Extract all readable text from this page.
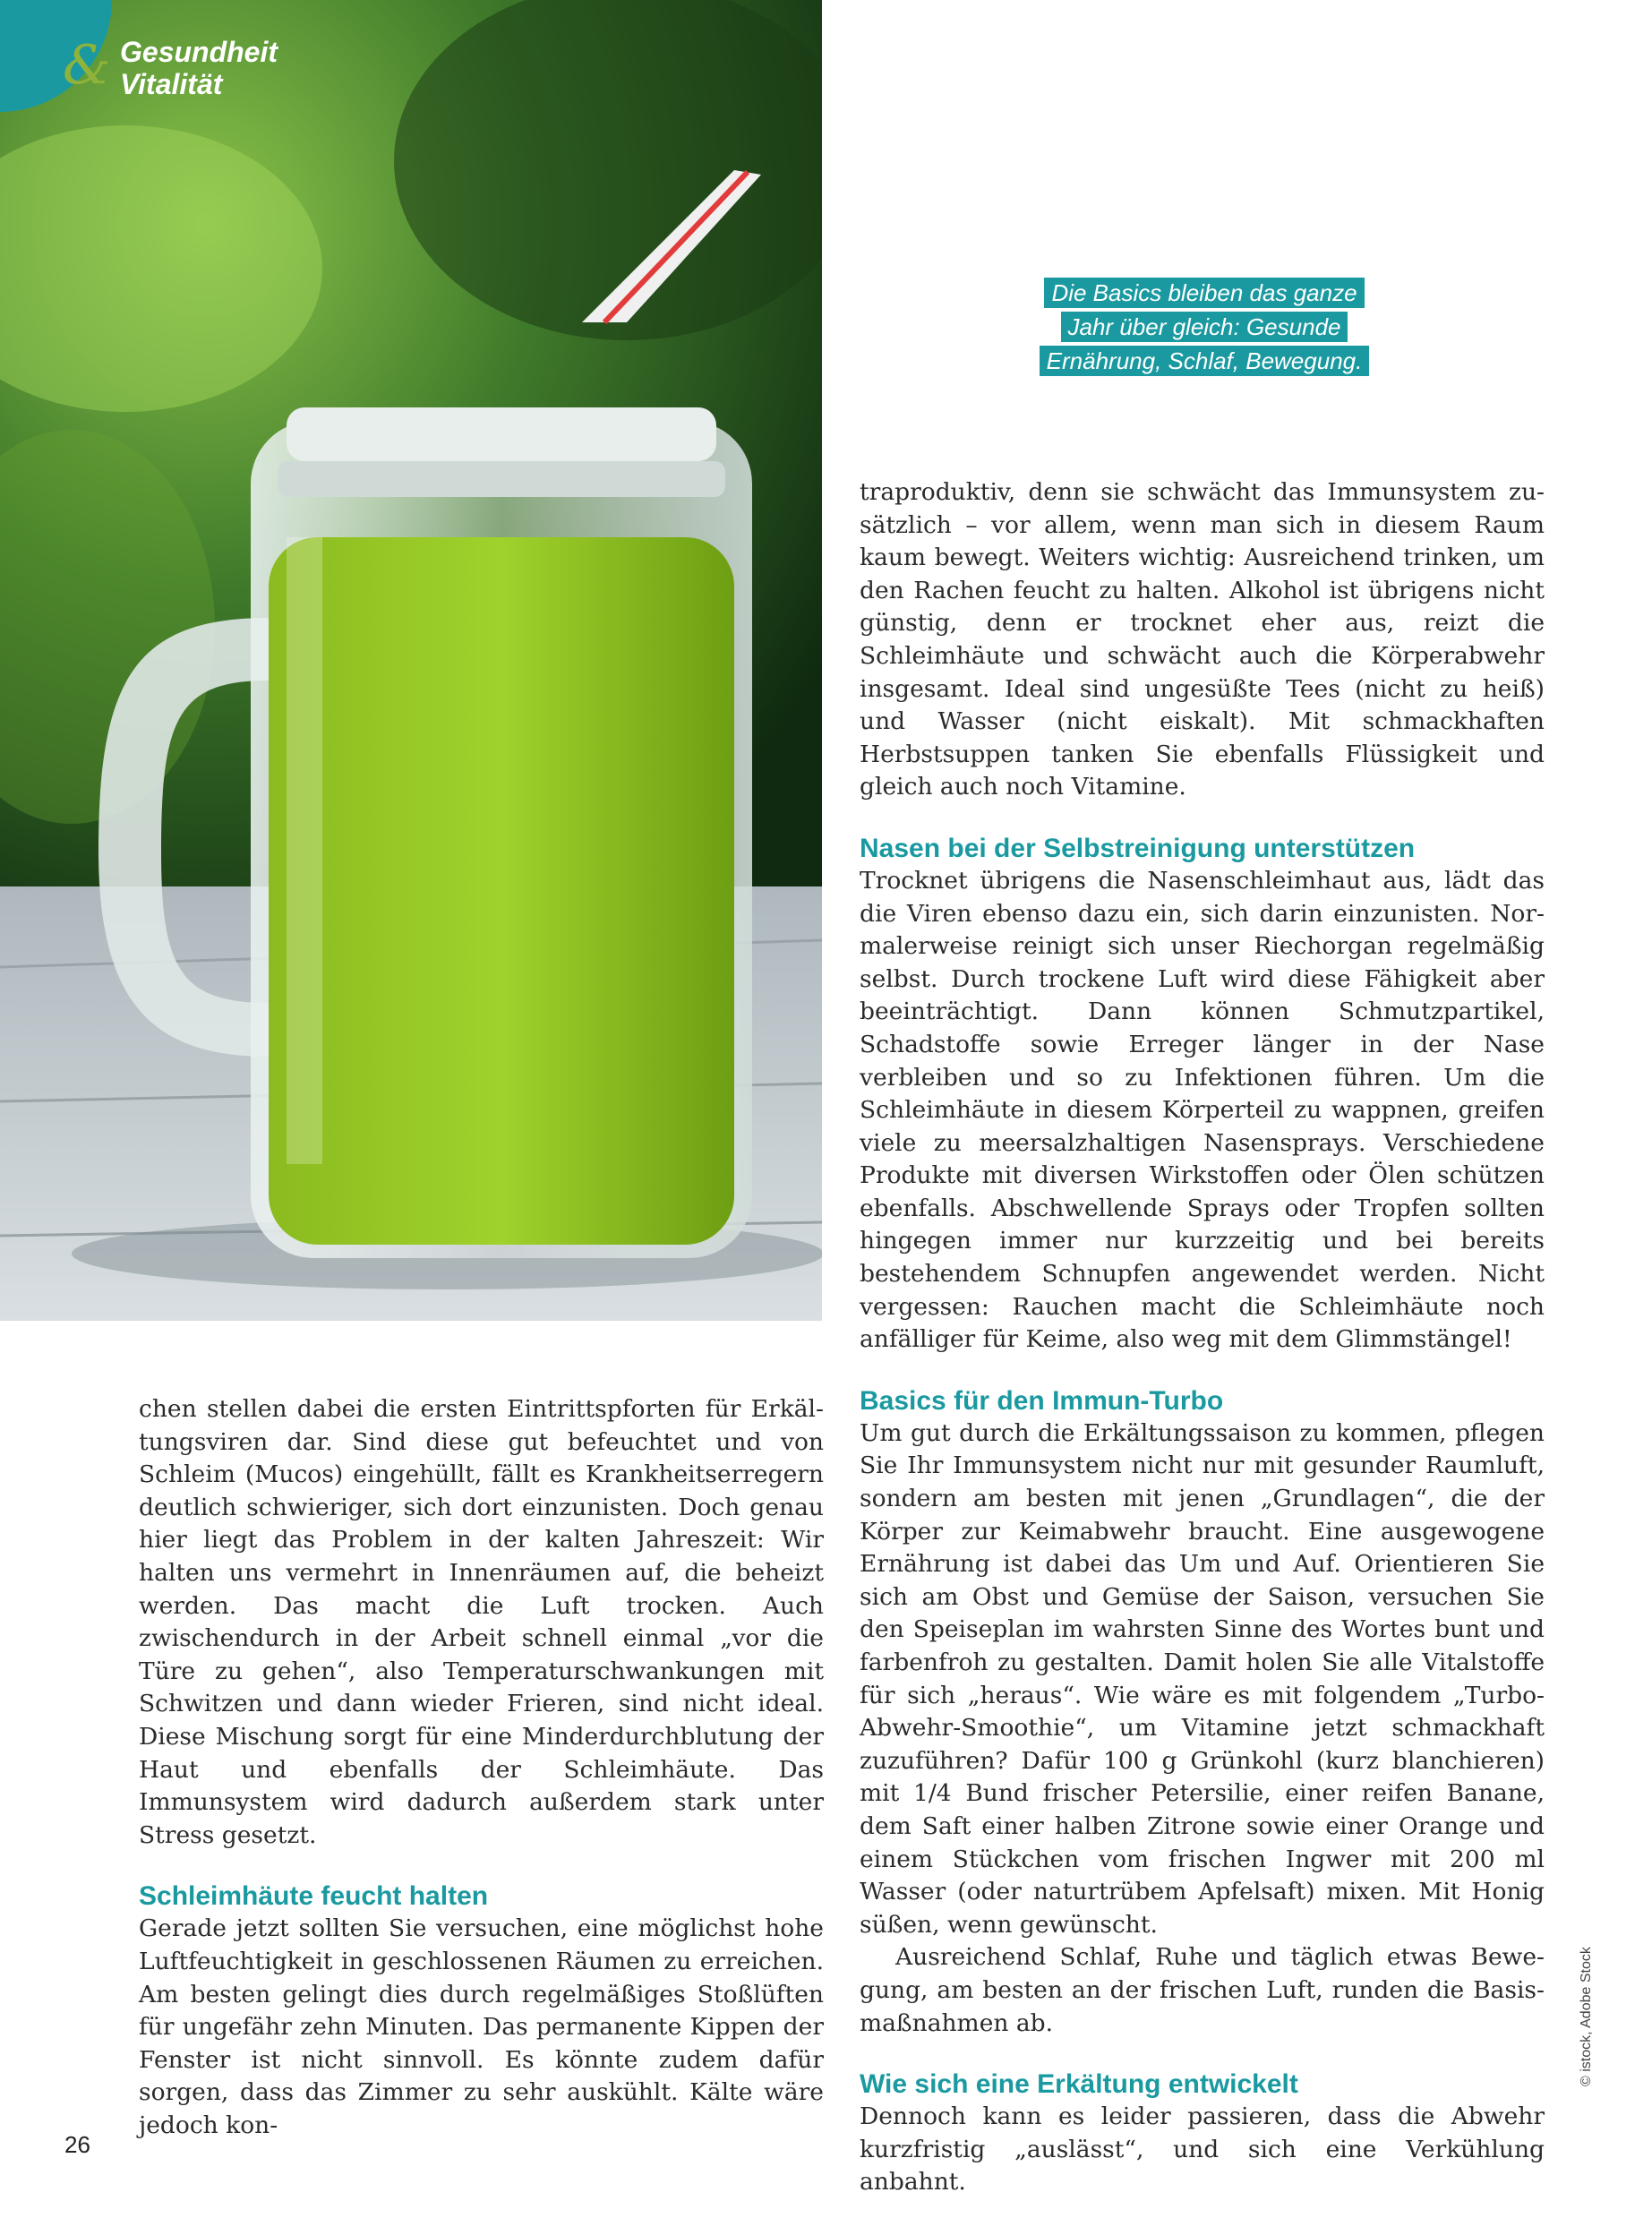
& Gesundheit
Vitalität
Die Basics bleiben das ganze Jahr über gleich: Gesunde Ernährung, Schlaf, Bewegung.

chen stellen dabei die ersten Eintrittspforten für Erkältungsviren dar. Sind diese gut befeuchtet und von Schleim (Mucos) eingehüllt, fällt es Krankheitserregern deutlich schwieriger, sich dort einzunisten. Doch genau hier liegt das Problem in der kalten Jahreszeit: Wir halten uns vermehrt in Innenräumen auf, die beheizt werden. Das macht die Luft trocken. Auch zwischendurch in der Arbeit schnell einmal „vor die Türe zu gehen“, also Temperaturschwankungen mit Schwitzen und dann wieder Frieren, sind nicht ideal. Diese Mischung sorgt für eine Minderdurchblutung der Haut und ebenfalls der Schleimhäute. Das Immunsystem wird dadurch außerdem stark unter Stress gesetzt.

Schleimhäute feucht halten

Gerade jetzt sollten Sie versuchen, eine möglichst hohe Luftfeuchtigkeit in geschlossenen Räumen zu erreichen. Am besten gelingt dies durch regelmäßiges Stoßlüften für ungefähr zehn Minuten. Das permanente Kippen der Fenster ist nicht sinnvoll. Es könnte zudem dafür sorgen, dass das Zimmer zu sehr auskühlt. Kälte wäre jedoch kon-

traproduktiv, denn sie schwächt das Immunsystem zusätzlich – vor allem, wenn man sich in diesem Raum kaum bewegt. Weiters wichtig: Ausreichend trinken, um den Rachen feucht zu halten. Alkohol ist übrigens nicht günstig, denn er trocknet eher aus, reizt die Schleimhäute und schwächt auch die Körperabwehr insgesamt. Ideal sind ungesüßte Tees (nicht zu heiß) und Wasser (nicht eiskalt). Mit schmackhaften Herbstsuppen tanken Sie ebenfalls Flüssigkeit und gleich auch noch Vitamine.

Nasen bei der Selbstreinigung unterstützen

Trocknet übrigens die Nasenschleimhaut aus, lädt das die Viren ebenso dazu ein, sich darin einzunisten. Normalerweise reinigt sich unser Riechorgan regelmäßig selbst. Durch trockene Luft wird diese Fähigkeit aber beeinträchtigt. Dann können Schmutzpartikel, Schadstoffe sowie Erreger länger in der Nase verbleiben und so zu Infektionen führen. Um die Schleimhäute in diesem Körperteil zu wappnen, greifen viele zu meersalzhaltigen Nasensprays. Verschiedene Produkte mit diversen Wirkstoffen oder Ölen schützen ebenfalls. Abschwellende Sprays oder Tropfen sollten hingegen immer nur kurzzeitig und bei bereits bestehendem Schnupfen angewendet werden. Nicht vergessen: Rauchen macht die Schleimhäute noch anfälliger für Keime, also weg mit dem Glimmstängel!

Basics für den Immun-Turbo

Um gut durch die Erkältungssaison zu kommen, pflegen Sie Ihr Immunsystem nicht nur mit gesunder Raumluft, sondern am besten mit jenen „Grundlagen“, die der Körper zur Keimabwehr braucht. Eine ausgewogene Ernährung ist dabei das Um und Auf. Orientieren Sie sich am Obst und Gemüse der Saison, versuchen Sie den Speiseplan im wahrsten Sinne des Wortes bunt und farbenfroh zu gestalten. Damit holen Sie alle Vitalstoffe für sich „heraus“. Wie wäre es mit folgendem „Turbo-Abwehr-Smoothie“, um Vitamine jetzt schmackhaft zuzuführen? Dafür 100 g Grünkohl (kurz blanchieren) mit 1/4 Bund frischer Petersilie, einer reifen Banane, dem Saft einer halben Zitrone sowie einer Orange und einem Stückchen vom frischen Ingwer mit 200 ml Wasser (oder naturtrübem Apfelsaft) mixen. Mit Honig süßen, wenn gewünscht.

Ausreichend Schlaf, Ruhe und täglich etwas Bewegung, am besten an der frischen Luft, runden die Basismaßnahmen ab.

Wie sich eine Erkältung entwickelt

Dennoch kann es leider passieren, dass die Abwehr kurzfristig „auslässt“, und sich eine Verkühlung anbahnt.

26
© istock, Adobe Stock
